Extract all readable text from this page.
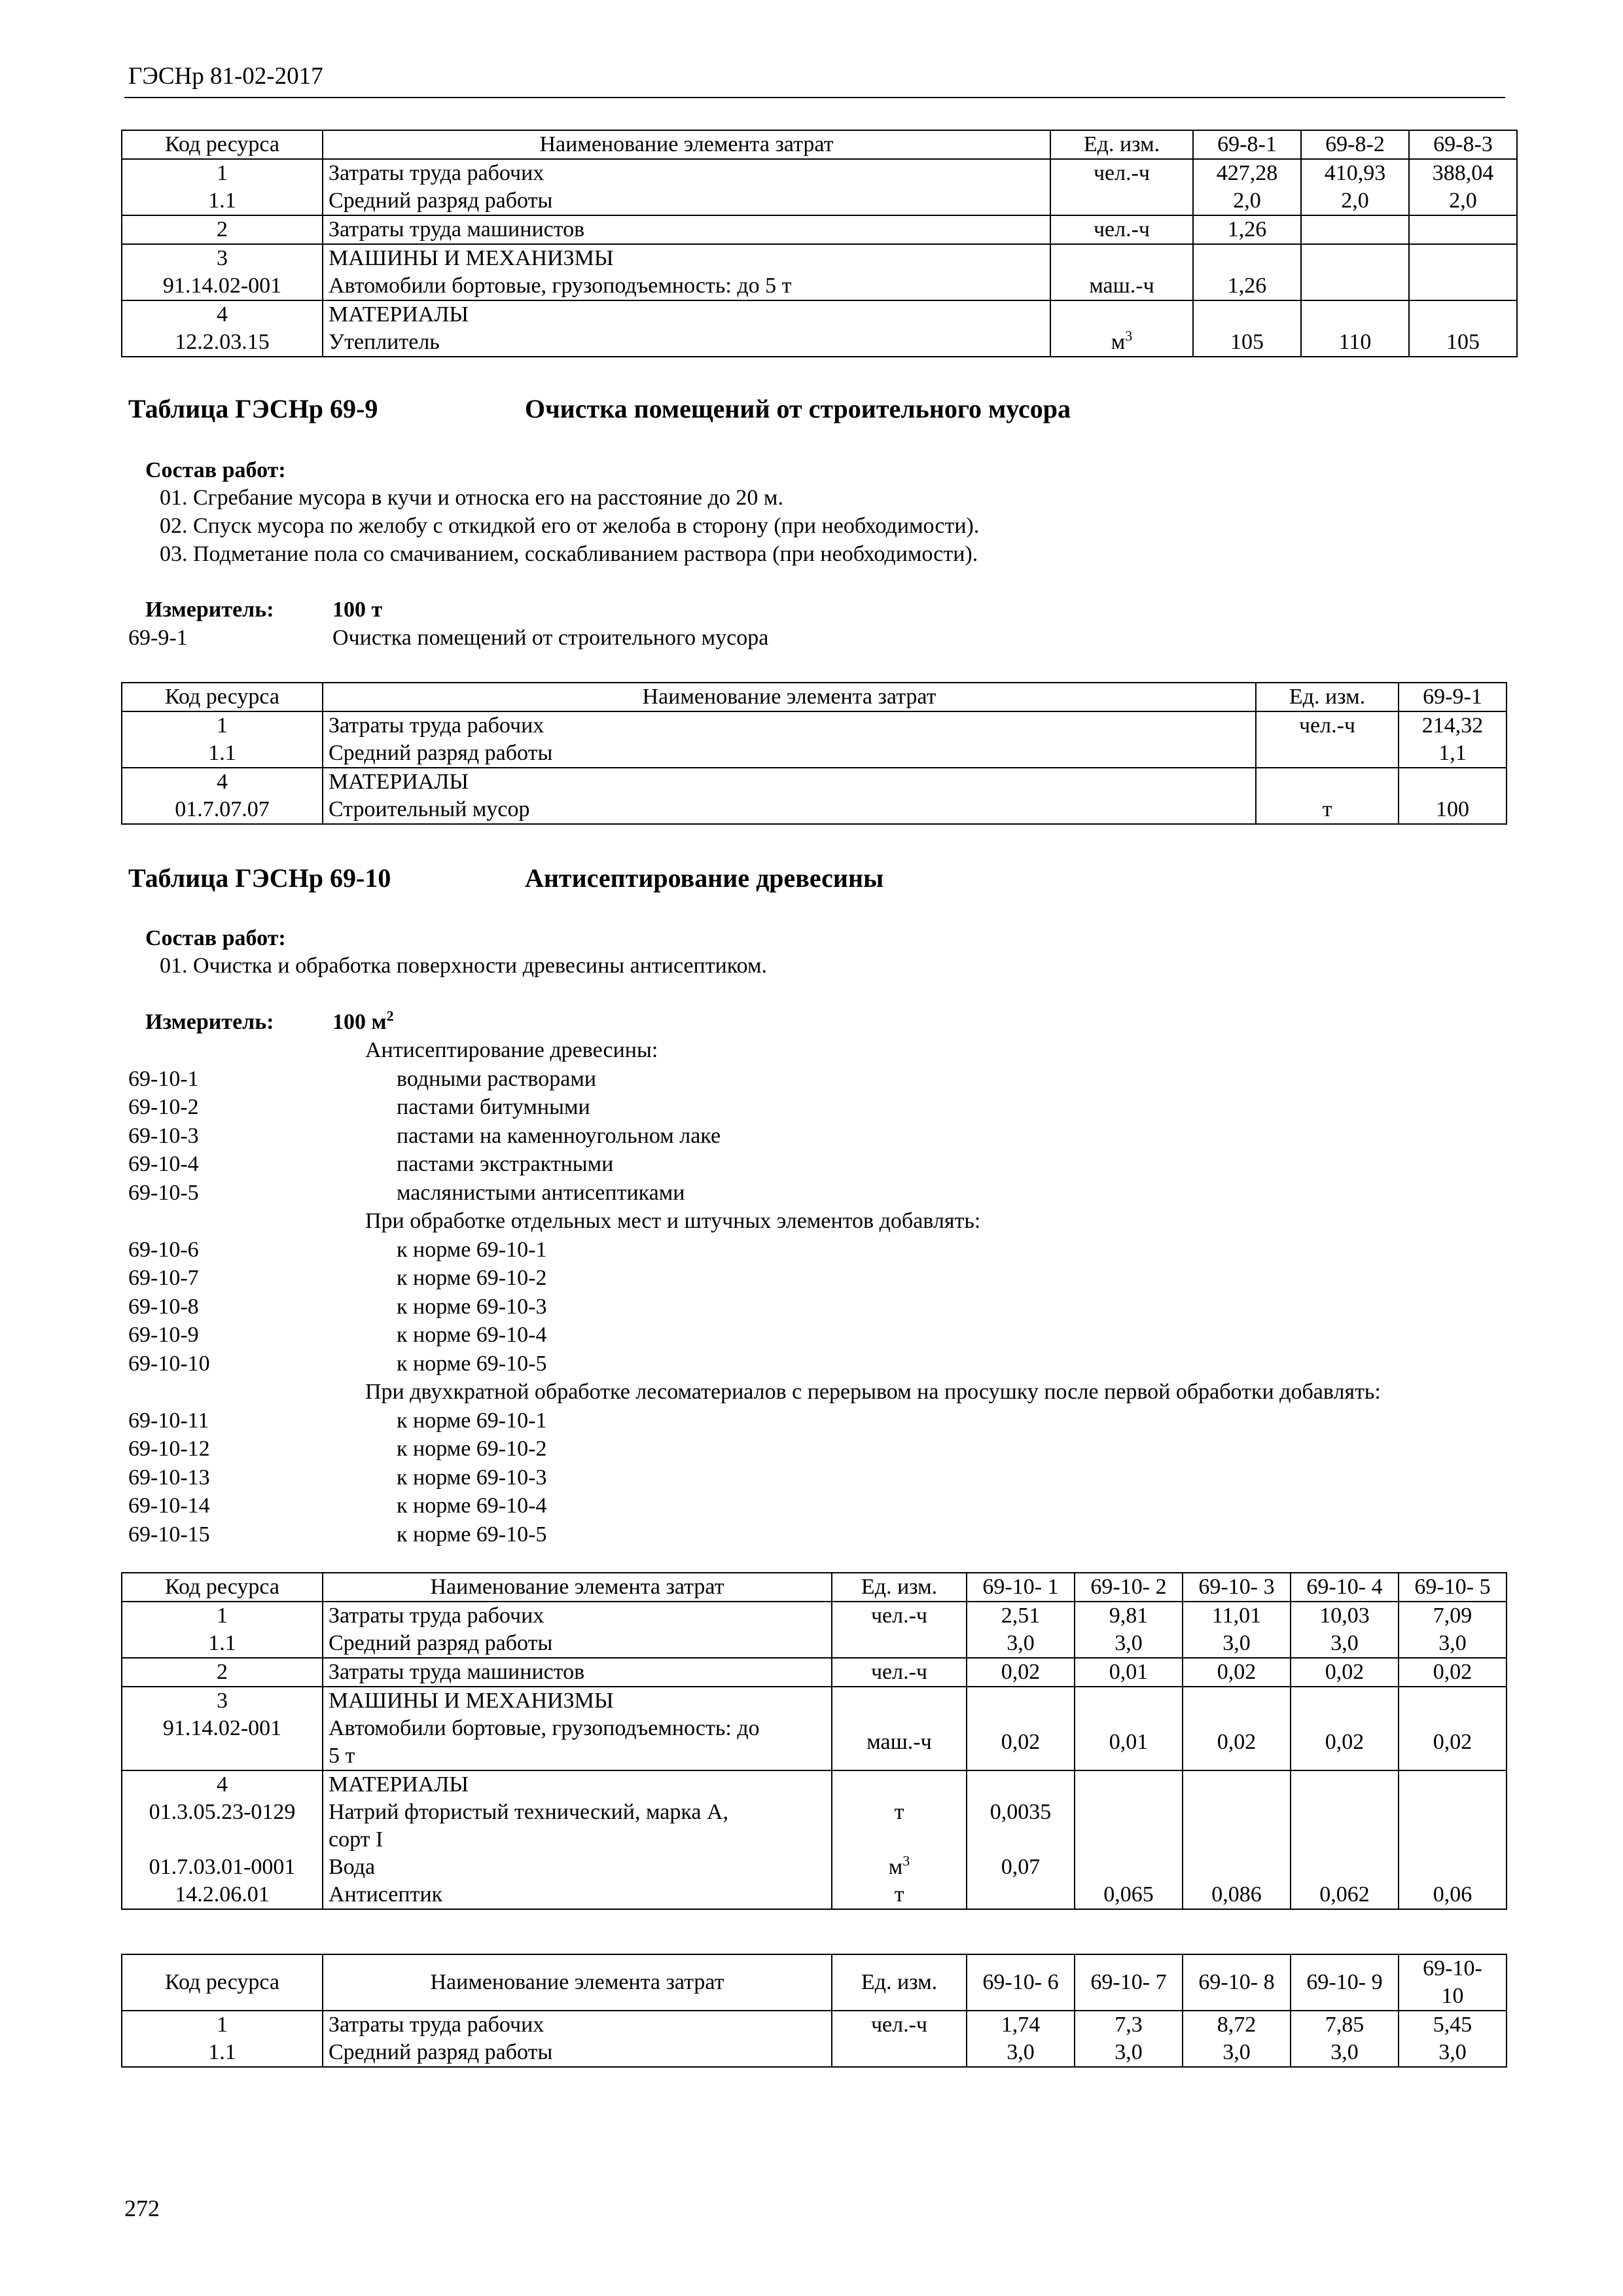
ГЭСНр 81-02-2017
Код ресурса	Наименование элемента затрат	Ед. изм.	69-8-1	69-8-2	69-8-3
1	Затраты труда рабочих	чел.-ч	427,28	410,93	388,04
1.1	Средний разряд работы		2,0	2,0	2,0
2	Затраты труда машинистов	чел.-ч	1,26		
3	МАШИНЫ И МЕХАНИЗМЫ				
91.14.02-001	Автомобили бортовые, грузоподъемность: до 5 т	маш.-ч	1,26		
4	МАТЕРИАЛЫ				
12.2.03.15	Утеплитель	$м^3$	105	110	105
Таблица ГЭСНр 69-9	Очистка помещений от строительного мусора
Состав работ:
01. Сгребание мусора в кучи и относка его на расстояние до 20 м.
02. Спуск мусора по желобу с откидкой его от желоба в сторону (при необходимости).
03. Подметание пола со смачиванием, соскабливанием раствора (при необходимости).
Измеритель:	100 т
69-9-1	Очистка помещений от строительного мусора
Код ресурса	Наименование элемента затрат	Ед. изм.	69-9-1
1	Затраты труда рабочих	чел.-ч	214,32
1.1	Средний разряд работы		1,1
4	МАТЕРИАЛЫ		
01.7.07.07	Строительный мусор	т	100
Таблица ГЭСНр 69-10	Антисептирование древесины
Состав работ:
01. Очистка и обработка поверхности древесины антисептиком.
Измеритель:	100 $м^2$
Антисептирование древесины:
69-10-1	водными растворами
69-10-2	пастами битумными
69-10-3	пастами на каменноугольном лаке
69-10-4	пастами экстрактными
69-10-5	маслянистыми антисептиками
При обработке отдельных мест и штучных элементов добавлять:
69-10-6	к норме 69-10-1
69-10-7	к норме 69-10-2
69-10-8	к норме 69-10-3
69-10-9	к норме 69-10-4
69-10-10	к норме 69-10-5
При двухкратной обработке лесоматериалов с перерывом на просушку после первой обработки добавлять:
69-10-11	к норме 69-10-1
69-10-12	к норме 69-10-2
69-10-13	к норме 69-10-3
69-10-14	к норме 69-10-4
69-10-15	к норме 69-10-5
Код ресурса	Наименование элемента затрат	Ед. изм.	69-10- 1	69-10- 2	69-10- 3	69-10- 4	69-10- 5
1	Затраты труда рабочих	чел.-ч	2,51	9,81	11,01	10,03	7,09
1.1	Средний разряд работы		3,0	3,0	3,0	3,0	3,0
2	Затраты труда машинистов	чел.-ч	0,02	0,01	0,02	0,02	0,02
3	МАШИНЫ И МЕХАНИЗМЫ						

91.14.02-001	Автомобили бортовые, грузоподъемность: до
5 т	маш.-ч	0,02	0,01	0,02	0,02	0,02
4	МАТЕРИАЛЫ						

01.3.05.23-0129	Натрий фтористый технический, марка А,
сорт I	т	0,0035				
01.7.03.01-0001	Вода	$м^3$	0,07				
14.2.06.01	Антисептик	т		0,065	0,086	0,062	0,06
Код ресурса	Наименование элемента затрат	Ед. изм.	69-10- 6	69-10- 7	69-10- 8	69-10- 9	69-10-
10

1	Затраты труда рабочих	чел.-ч	1,74	7,3	8,72	7,85	5,45
1.1	Средний разряд работы		3,0	3,0	3,0	3,0	3,0
272
